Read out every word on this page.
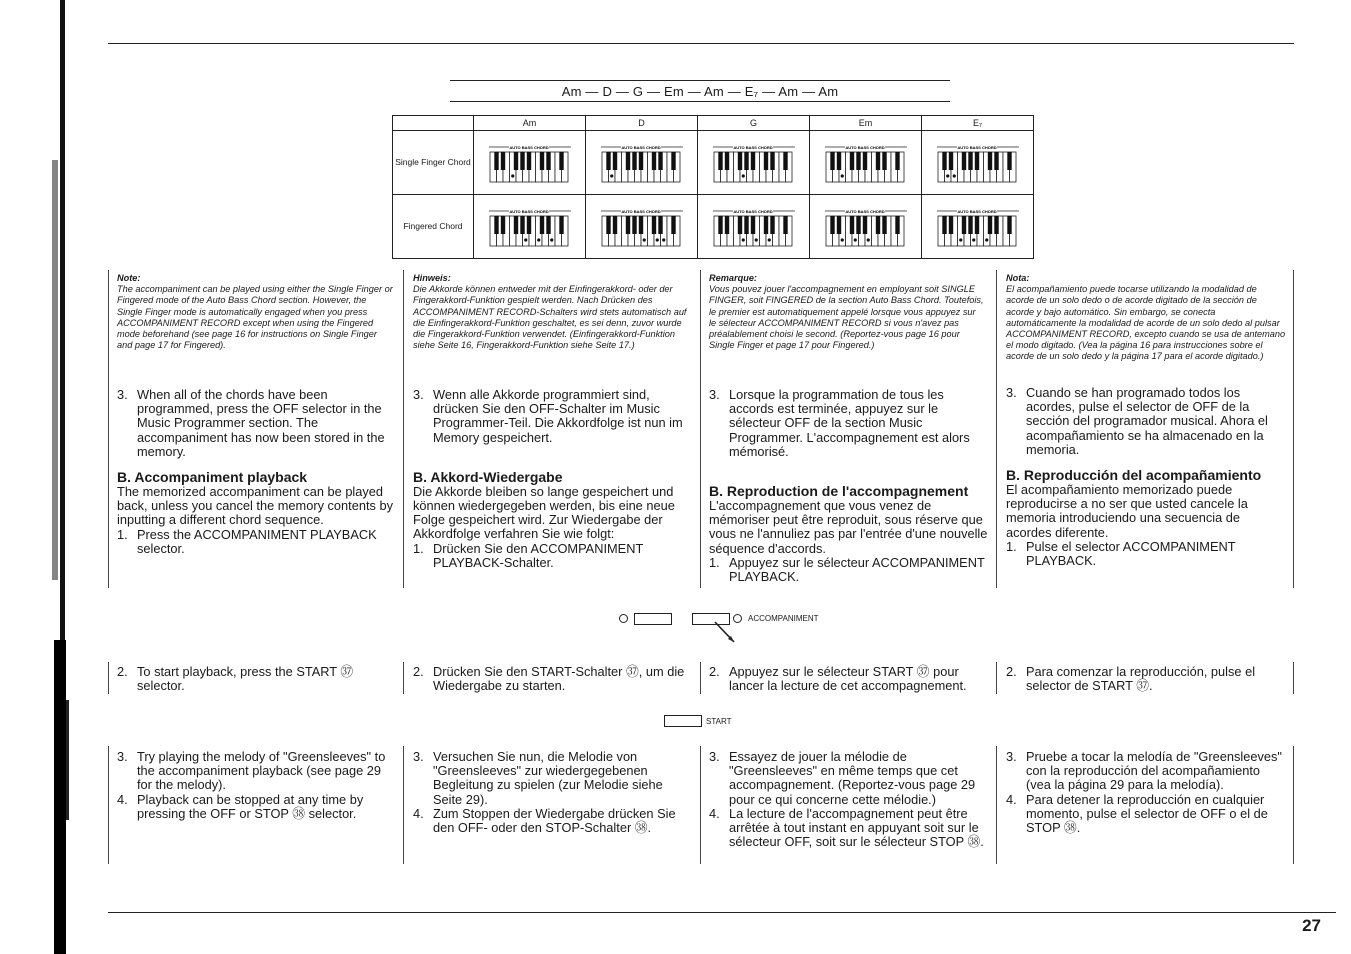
Am — D — G — Em — Am — E₇ — Am — Am
	Am	D	G	Em	E₇
Single Finger Chord	AUTO BASS CHORD	AUTO BASS CHORD	AUTO BASS CHORD	AUTO BASS CHORD	AUTO BASS CHORD

Fingered Chord	AUTO BASS CHORD	AUTO BASS CHORD	AUTO BASS CHORD	AUTO BASS CHORD	AUTO BASS CHORD
Note:
The accompaniment can be played using either the Single Finger or Fingered mode of the Auto Bass Chord section. However, the Single Finger mode is automatically engaged when you press ACCOMPANIMENT RECORD except when using the Fingered mode beforehand (see page 16 for instructions on Single Finger and page 17 for Fingered).
Hinweis:
Die Akkorde können entweder mit der Einfingerakkord- oder der Fingerakkord-Funktion gespielt werden. Nach Drücken des ACCOMPANIMENT RECORD-Schalters wird stets automatisch auf die Einfingerakkord-Funktion geschaltet, es sei denn, zuvor wurde die Fingerakkord-Funktion verwendet. (Einfingerakkord-Funktion siehe Seite 16, Fingerakkord-Funktion siehe Seite 17.)
Remarque:
Vous pouvez jouer l'accompagnement en employant soit SINGLE FINGER, soit FINGERED de la section Auto Bass Chord. Toutefois, le premier est automatiquement appelé lorsque vous appuyez sur le sélecteur ACCOMPANIMENT RECORD si vous n'avez pas préalablement choisi le second. (Reportez-vous page 16 pour Single Finger et page 17 pour Fingered.)
Nota:
El acompañamiento puede tocarse utilizando la modalidad de acorde de un solo dedo o de acorde digitado de la sección de acorde y bajo automático. Sin embargo, se conecta automáticamente la modalidad de acorde de un solo dedo al pulsar ACCOMPANIMENT RECORD, excepto cuando se usa de antemano el modo digitado. (Vea la página 16 para instrucciones sobre el acorde de un solo dedo y la página 17 para el acorde digitado.)
3. When all of the chords have been programmed, press the OFF selector in the Music Programmer section. The accompaniment has now been stored in the memory.
B. Accompaniment playback
The memorized accompaniment can be played back, unless you cancel the memory contents by inputting a different chord sequence.
1. Press the ACCOMPANIMENT PLAYBACK selector.
3. Wenn alle Akkorde programmiert sind, drücken Sie den OFF-Schalter im Music Programmer-Teil. Die Akkordfolge ist nun im Memory gespeichert.
B. Akkord-Wiedergabe
Die Akkorde bleiben so lange gespeichert und können wiedergegeben werden, bis eine neue Folge gespeichert wird. Zur Wiedergabe der Akkordfolge verfahren Sie wie folgt:
1. Drücken Sie den ACCOMPANIMENT PLAYBACK-Schalter.
3. Lorsque la programmation de tous les accords est terminée, appuyez sur le sélecteur OFF de la section Music Programmer. L'accompagnement est alors mémorisé.
B. Reproduction de l'accompagnement
L'accompagnement que vous venez de mémoriser peut être reproduit, sous réserve que vous ne l'annuliez pas par l'entrée d'une nouvelle séquence d'accords.
1. Appuyez sur le sélecteur ACCOMPANIMENT PLAYBACK.
3. Cuando se han programado todos los acordes, pulse el selector de OFF de la sección del programador musical. Ahora el acompañamiento se ha almacenado en la memoria.
B. Reproducción del acompañamiento
El acompañamiento memorizado puede reproducirse a no ser que usted cancele la memoria introduciendo una secuencia de acordes diferente.
1. Pulse el selector ACCOMPANIMENT PLAYBACK.
ACCOMPANIMENT
2. To start playback, press the START ㊲ selector.
2. Drücken Sie den START-Schalter ㊲, um die Wiedergabe zu starten.
2. Appuyez sur le sélecteur START ㊲ pour lancer la lecture de cet accompagnement.
2. Para comenzar la reproducción, pulse el selector de START ㊲.
START
3. Try playing the melody of "Greensleeves" to the accompaniment playback (see page 29 for the melody).
4. Playback can be stopped at any time by pressing the OFF or STOP ㊳ selector.
3. Versuchen Sie nun, die Melodie von "Greensleeves" zur wiedergegebenen Begleitung zu spielen (zur Melodie siehe Seite 29).
4. Zum Stoppen der Wiedergabe drücken Sie den OFF- oder den STOP-Schalter ㊳.
3. Essayez de jouer la mélodie de "Greensleeves" en même temps que cet accompagnement. (Reportez-vous page 29 pour ce qui concerne cette mélodie.)
4. La lecture de l'accompagnement peut être arrêtée à tout instant en appuyant soit sur le sélecteur OFF, soit sur le sélecteur STOP ㊳.
3. Pruebe a tocar la melodía de "Greensleeves" con la reproducción del acompañamiento (vea la página 29 para la melodía).
4. Para detener la reproducción en cualquier momento, pulse el selector de OFF o el de STOP ㊳.
27
